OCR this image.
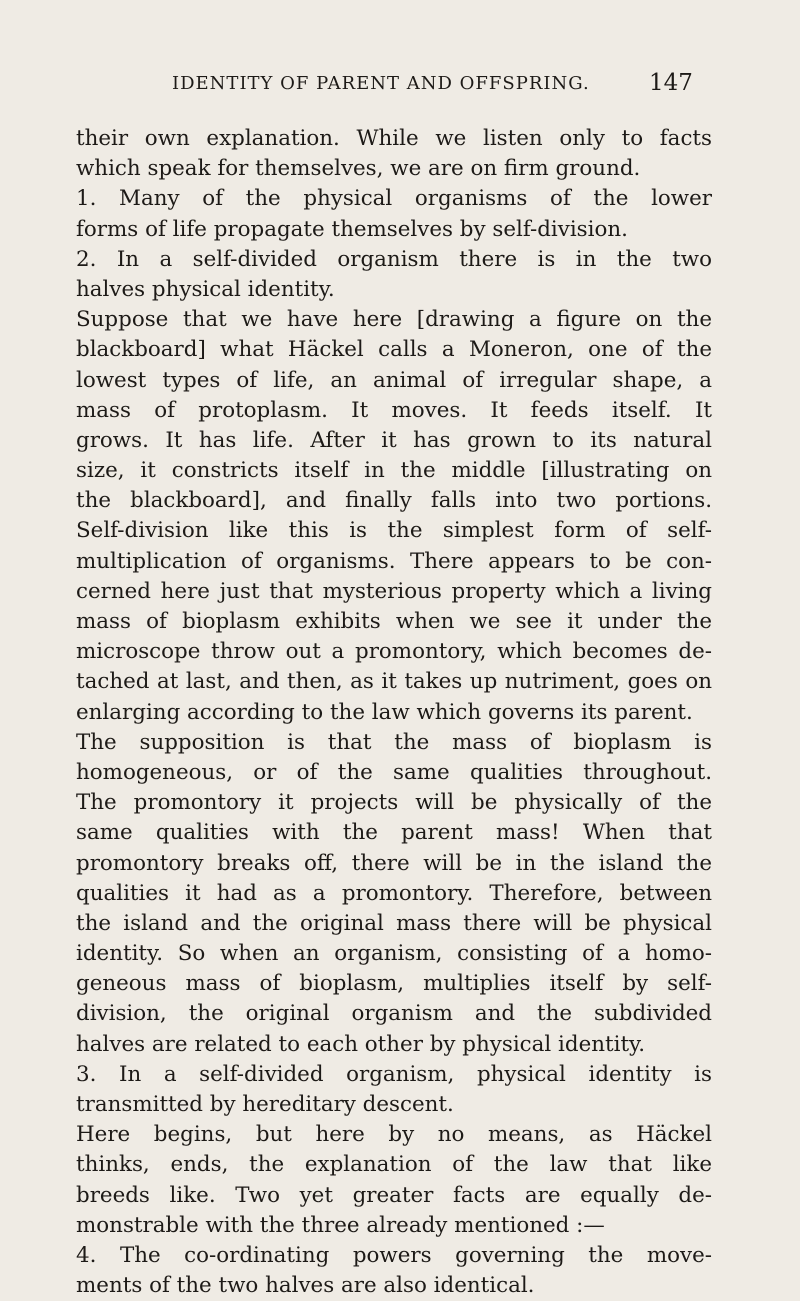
IDENTITY OF PARENT AND OFFSPRING.	147
their own explanation. While we listen only to facts
which speak for themselves, we are on firm ground.
1. Many of the physical organisms of the lower
forms of life propagate themselves by self-division.
2. In a self-divided organism there is in the two
halves physical identity.
Suppose that we have here [drawing a figure on the
blackboard] what Häckel calls a Moneron, one of the
lowest types of life, an animal of irregular shape, a
mass of protoplasm. It moves. It feeds itself. It
grows. It has life. After it has grown to its natural
size, it constricts itself in the middle [illustrating on
the blackboard], and finally falls into two portions.
Self-division like this is the simplest form of self-
multiplication of organisms. There appears to be con-
cerned here just that mysterious property which a living
mass of bioplasm exhibits when we see it under the
microscope throw out a promontory, which becomes de-
tached at last, and then, as it takes up nutriment, goes on
enlarging according to the law which governs its parent.
The supposition is that the mass of bioplasm is
homogeneous, or of the same qualities throughout.
The promontory it projects will be physically of the
same qualities with the parent mass! When that
promontory breaks off, there will be in the island the
qualities it had as a promontory. Therefore, between
the island and the original mass there will be physical
identity. So when an organism, consisting of a homo-
geneous mass of bioplasm, multiplies itself by self-
division, the original organism and the subdivided
halves are related to each other by physical identity.
3. In a self-divided organism, physical identity is
transmitted by hereditary descent.
Here begins, but here by no means, as Häckel
thinks, ends, the explanation of the law that like
breeds like. Two yet greater facts are equally de-
monstrable with the three already mentioned :—
4. The co-ordinating powers governing the move-
ments of the two halves are also identical.
